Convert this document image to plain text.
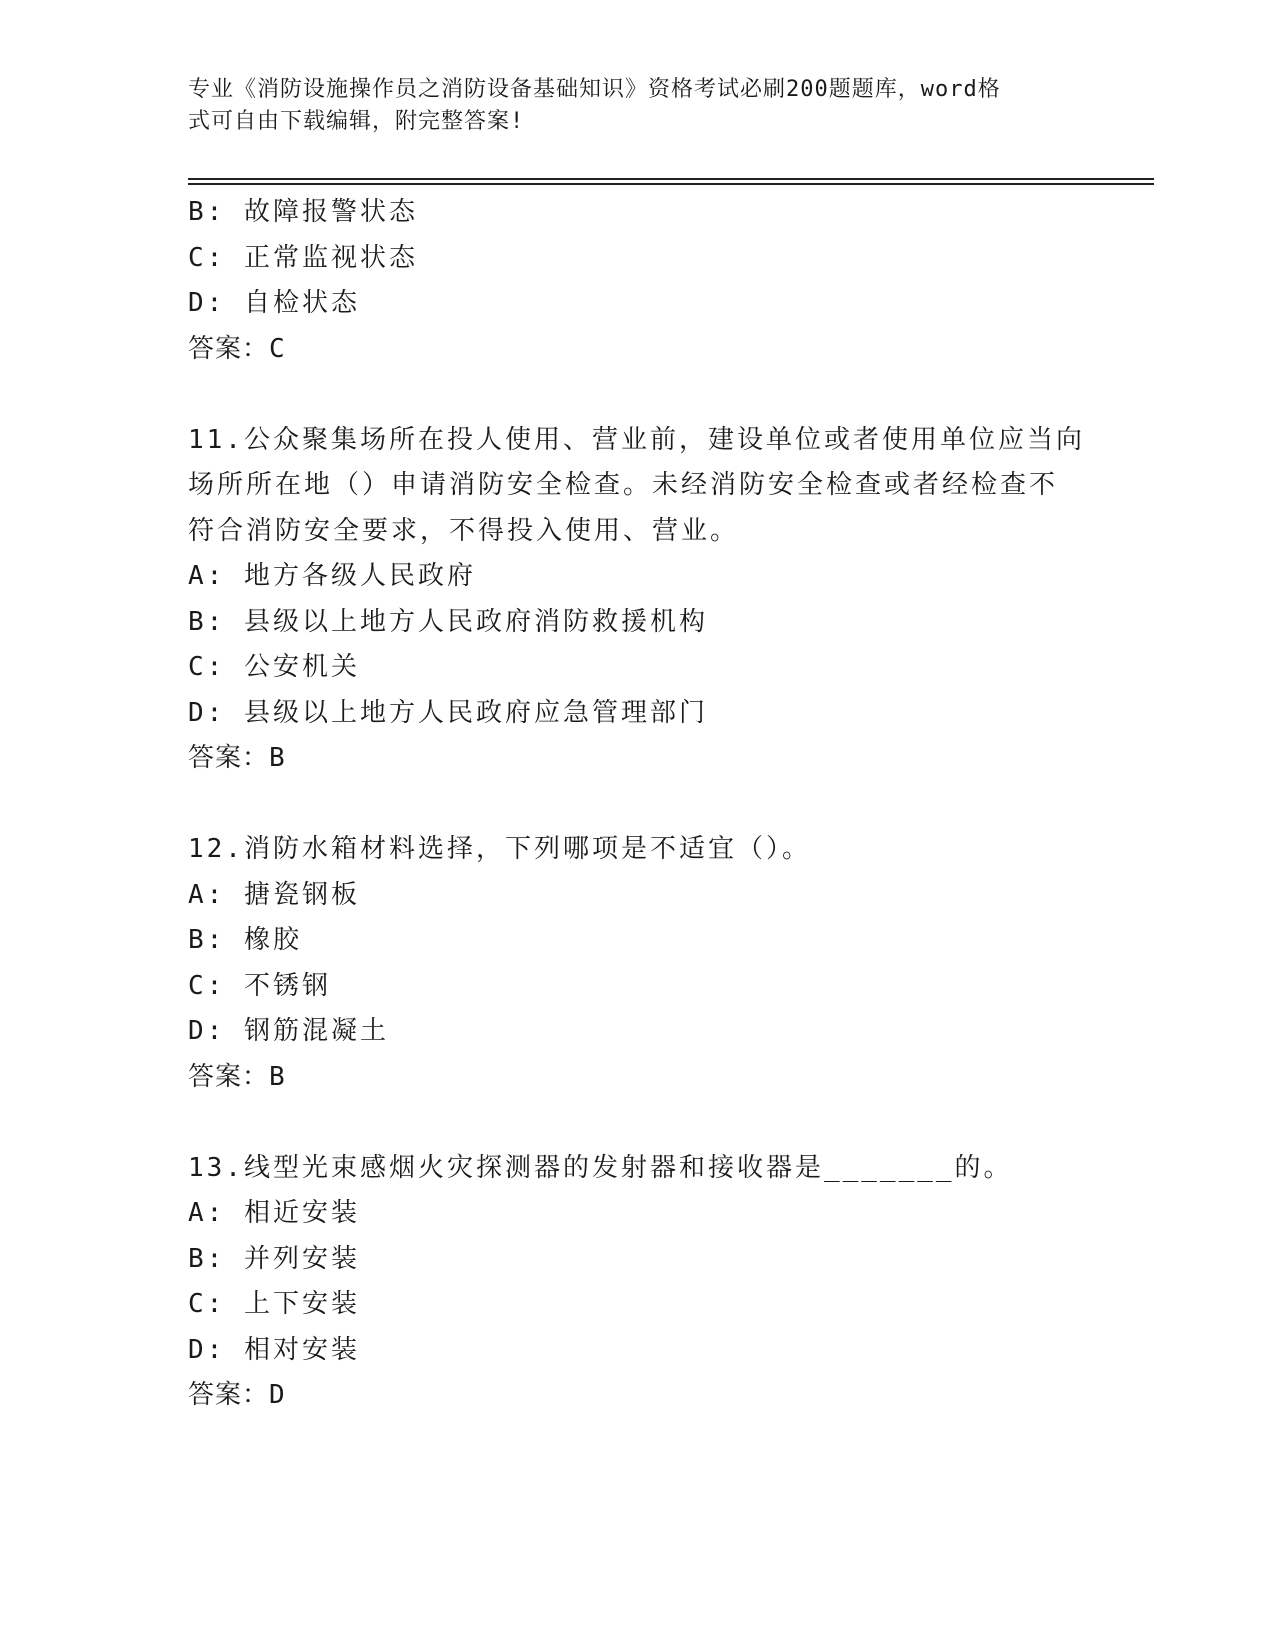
专业《消防设施操作员之消防设备基础知识》资格考试必刷200题题库，word格
式可自由下载编辑，附完整答案!
B: 故障报警状态
C: 正常监视状态
D: 自检状态
答案：C
11.公众聚集场所在投人使用、营业前，建设单位或者使用单位应当向
场所所在地（）申请消防安全检查。未经消防安全检查或者经检查不
符合消防安全要求，不得投入使用、营业。
A: 地方各级人民政府
B: 县级以上地方人民政府消防救援机构
C: 公安机关
D: 县级以上地方人民政府应急管理部门
答案：B
12.消防水箱材料选择，下列哪项是不适宜（）。
A: 搪瓷钢板
B: 橡胶
C: 不锈钢
D: 钢筋混凝土
答案：B
13.线型光束感烟火灾探测器的发射器和接收器是_______的。
A: 相近安装
B: 并列安装
C: 上下安装
D: 相对安装
答案：D
